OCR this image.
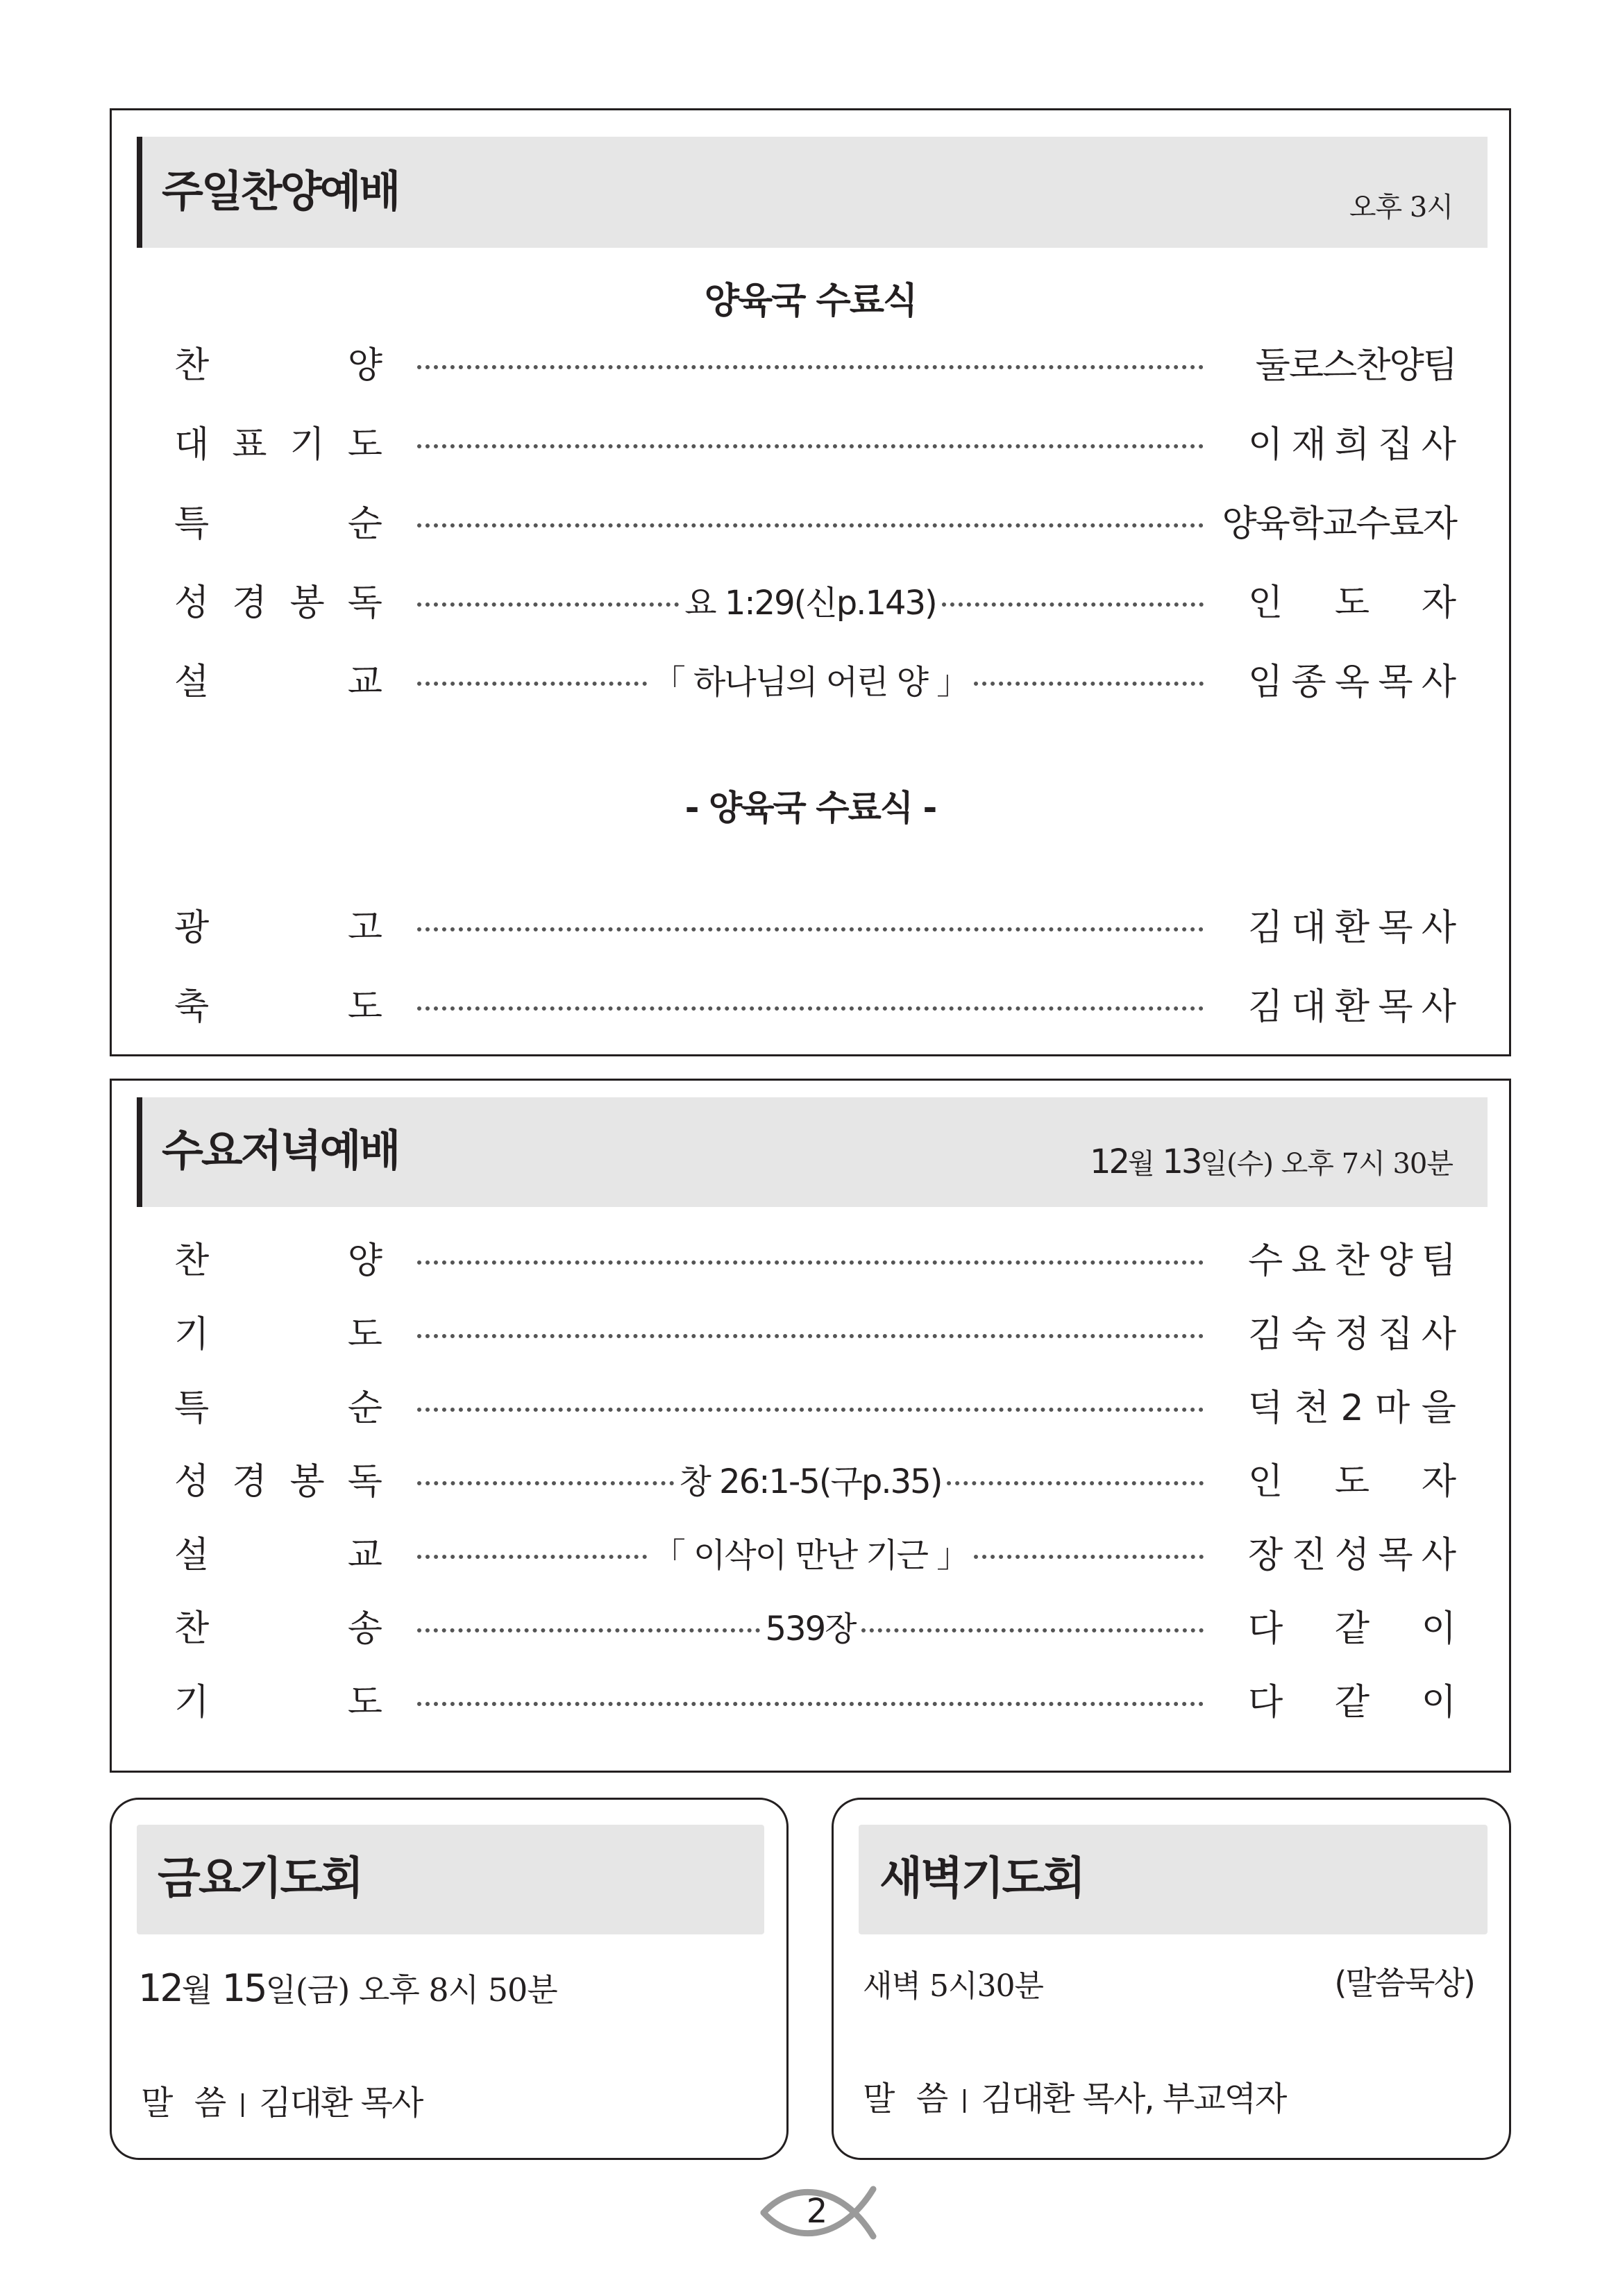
주일찬양예배	오후 3시
양육국 수료식
찬	양	둘로스찬양팀
대 표 기 도	이 재 희 집 사
특	순	양육학교수료자
성 경 봉 독	요 1:29(신p.143)	인 도 자
설	교	「 하나님의 어린 양 」	임 종 옥 목 사
- 양육국 수료식 -
광	고	김 대 환 목 사
축	도	김 대 환 목 사
수요저녁예배	12월 13일(수) 오후 7시 30분
찬	양	수 요 찬 양 팀
기	도	김 숙 정 집 사
특	순	덕 천 2 마 을
성 경 봉 독	창 26:1-5(구p.35)	인 도 자
설	교	「 이삭이 만난 기근 」	장 진 성 목 사
찬	송	539장	다 같 이
기	도	다 같 이
금요기도회
12월 15일(금) 오후 8시 50분
말  씀 김대환 목사
새벽기도회
새벽 5시30분	(말씀묵상)
말  씀 김대환 목사, 부교역자
2
